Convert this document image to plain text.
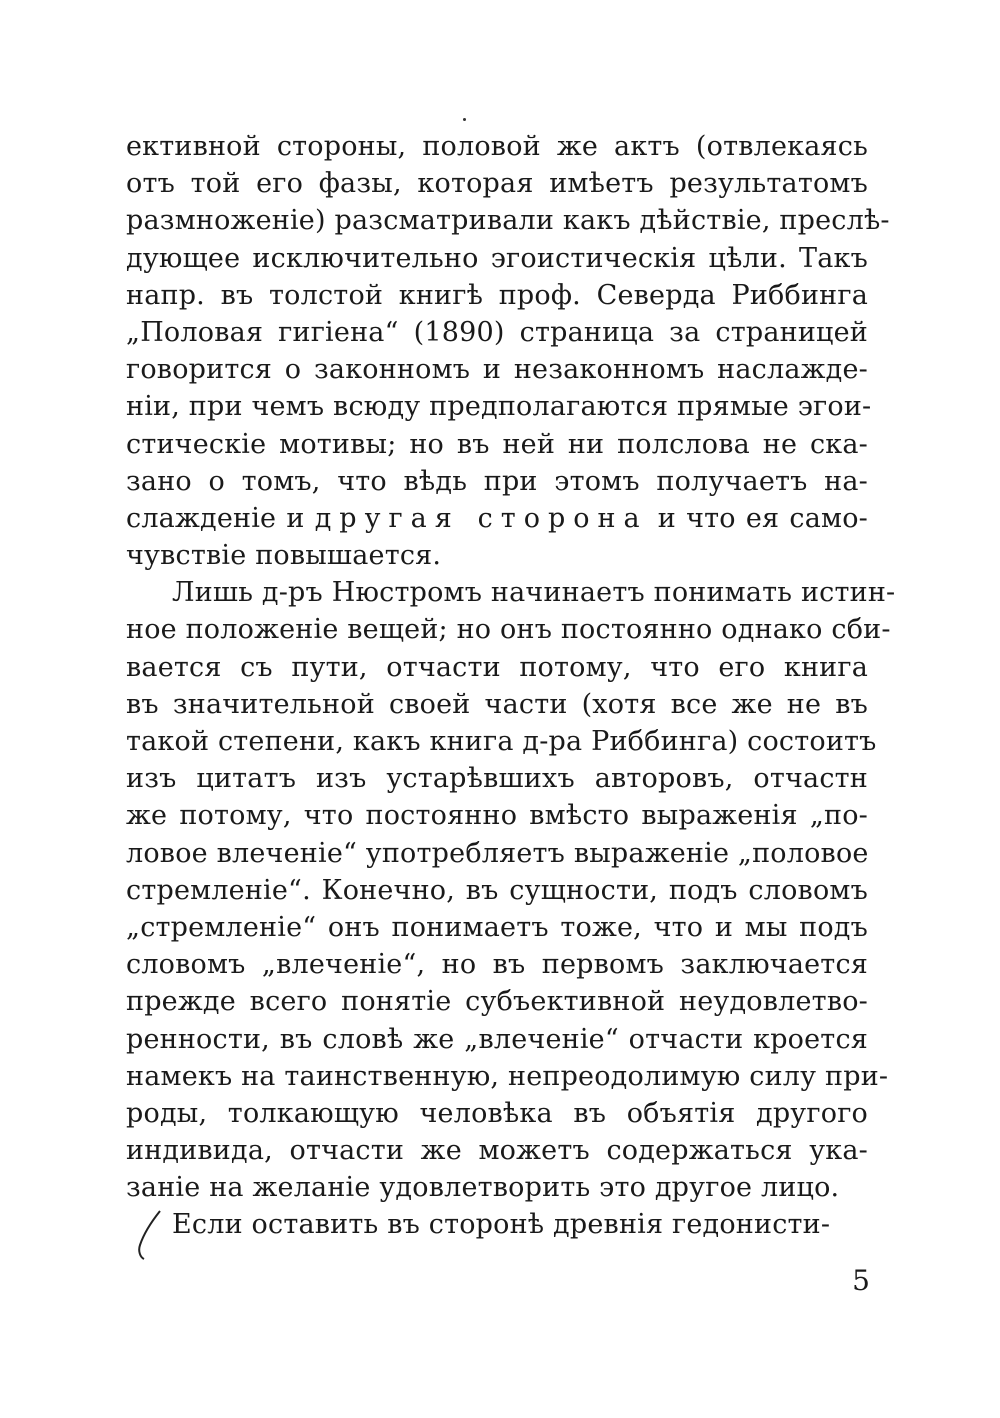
ективной стороны, половой же актъ (отвлекаясь
отъ той его фазы, которая имѣетъ результатомъ
размноженіе) разсматривали какъ дѣйствіе, преслѣ-
дующее исключительно эгоистическія цѣли. Такъ
напр. въ толстой книгѣ проф. Северда Риббинга
„Половая гигіена“ (1890) страница за страницей
говорится о законномъ и незаконномъ наслажде-
ніи, при чемъ всюду предполагаются прямые эгои-
стическіе мотивы; но въ ней ни полслова не ска-
зано о томъ, что вѣдь при этомъ получаетъ на-
слажденіе и другая сторона и что ея само-
чувствіе повышается.
Лишь д-ръ Нюстромъ начинаетъ понимать истин-
ное положеніе вещей; но онъ постоянно однако сби-
вается съ пути, отчасти потому, что его книга
въ значительной своей части (хотя все же не въ
такой степени, какъ книга д-ра Риббинга) состоитъ
изъ цитатъ изъ устарѣвшихъ авторовъ, отчастн
же потому, что постоянно вмѣсто выраженія „по-
ловое влеченіе“ употребляетъ выраженіе „половое
стремленіе“. Конечно, въ сущности, подъ словомъ
„стремленіе“ онъ понимаетъ тоже, что и мы подъ
словомъ „влеченіе“, но въ первомъ заключается
прежде всего понятіе субъективной неудовлетво-
ренности, въ словѣ же „влеченіе“ отчасти кроется
намекъ на таинственную, непреодолимую силу при-
роды, толкающую человѣка въ объятія другого
индивида, отчасти же можетъ содержаться ука-
заніе на желаніе удовлетворить это другое лицо.
Если оставить въ сторонѣ древнія гедонисти-
5
